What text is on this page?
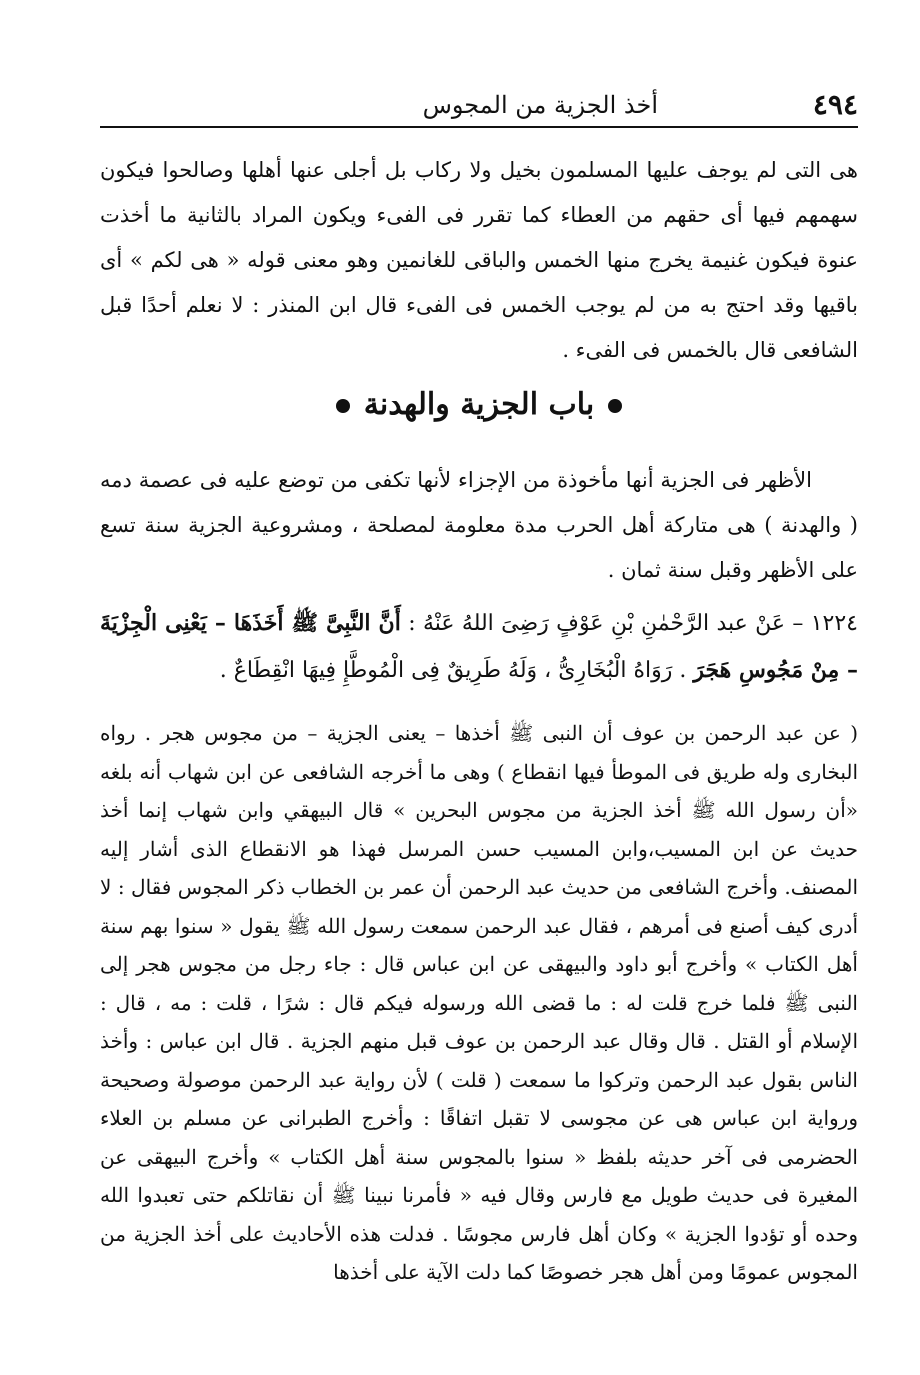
٤٩٤
أخذ الجزية من المجوس

هى التى لم يوجف عليها المسلمون بخيل ولا ركاب بل أجلى عنها أهلها وصالحوا فيكون سهمهم فيها أى حقهم من العطاء كما تقرر فى الفىء ويكون المراد بالثانية ما أخذت عنوة فيكون غنيمة يخرج منها الخمس والباقى للغانمين وهو معنى قوله « هى لكم » أى باقيها وقد احتج به من لم يوجب الخمس فى الفىء قال ابن المنذر : لا نعلم أحدًا قبل الشافعى قال بالخمس فى الفىء .

باب الجزية والهدنة

الأظهر فى الجزية أنها مأخوذة من الإجزاء لأنها تكفى من توضع عليه فى عصمة دمه ( والهدنة ) هى متاركة أهل الحرب مدة معلومة لمصلحة ، ومشروعية الجزية سنة تسع على الأظهر وقبل سنة ثمان .

١٢٢٤ – عَنْ عبد الرَّحْمٰنِ بْنِ عَوْفٍ رَضِىَ اللهُ عَنْهُ : أَنَّ النَّبِىَّ ﷺ أَخَذَهَا – يَعْنِى الْجِزْيَةَ – مِنْ مَجُوسِ هَجَرَ . رَوَاهُ الْبُخَارِىُّ ، وَلَهُ طَرِيقٌ فِى الْمُوطَّإِ فِيهَا انْقِطَاعٌ .

( عن عبد الرحمن بن عوف أن النبى ﷺ أخذها – يعنى الجزية – من مجوس هجر . رواه البخارى وله طريق فى الموطأ فيها انقطاع ) وهى ما أخرجه الشافعى عن ابن شهاب أنه بلغه «أن رسول الله ﷺ أخذ الجزية من مجوس البحرين » قال البيهقي وابن شهاب إنما أخذ حديث عن ابن المسيب،وابن المسيب حسن المرسل فهذا هو الانقطاع الذى أشار إليه المصنف. وأخرج الشافعى من حديث عبد الرحمن أن عمر بن الخطاب ذكر المجوس فقال : لا أدرى كيف أصنع فى أمرهم ، فقال عبد الرحمن سمعت رسول الله ﷺ يقول « سنوا بهم سنة أهل الكتاب » وأخرج أبو داود والبيهقى عن ابن عباس قال : جاء رجل من مجوس هجر إلى النبى ﷺ فلما خرج قلت له : ما قضى الله ورسوله فيكم قال : شرًا ، قلت : مه ، قال : الإسلام أو القتل . قال وقال عبد الرحمن بن عوف قبل منهم الجزية . قال ابن عباس : وأخذ الناس بقول عبد الرحمن وتركوا ما سمعت ( قلت ) لأن رواية عبد الرحمن موصولة وصحيحة ورواية ابن عباس هى عن مجوسى لا تقبل اتفاقًا : وأخرج الطبرانى عن مسلم بن العلاء الحضرمى فى آخر حديثه بلفظ « سنوا بالمجوس سنة أهل الكتاب » وأخرج البيهقى عن المغيرة فى حديث طويل مع فارس وقال فيه « فأمرنا نبينا ﷺ أن نقاتلكم حتى تعبدوا الله وحده أو تؤدوا الجزية » وكان أهل فارس مجوسًا . فدلت هذه الأحاديث على أخذ الجزية من المجوس عمومًا ومن أهل هجر خصوصًا كما دلت الآية على أخذها
